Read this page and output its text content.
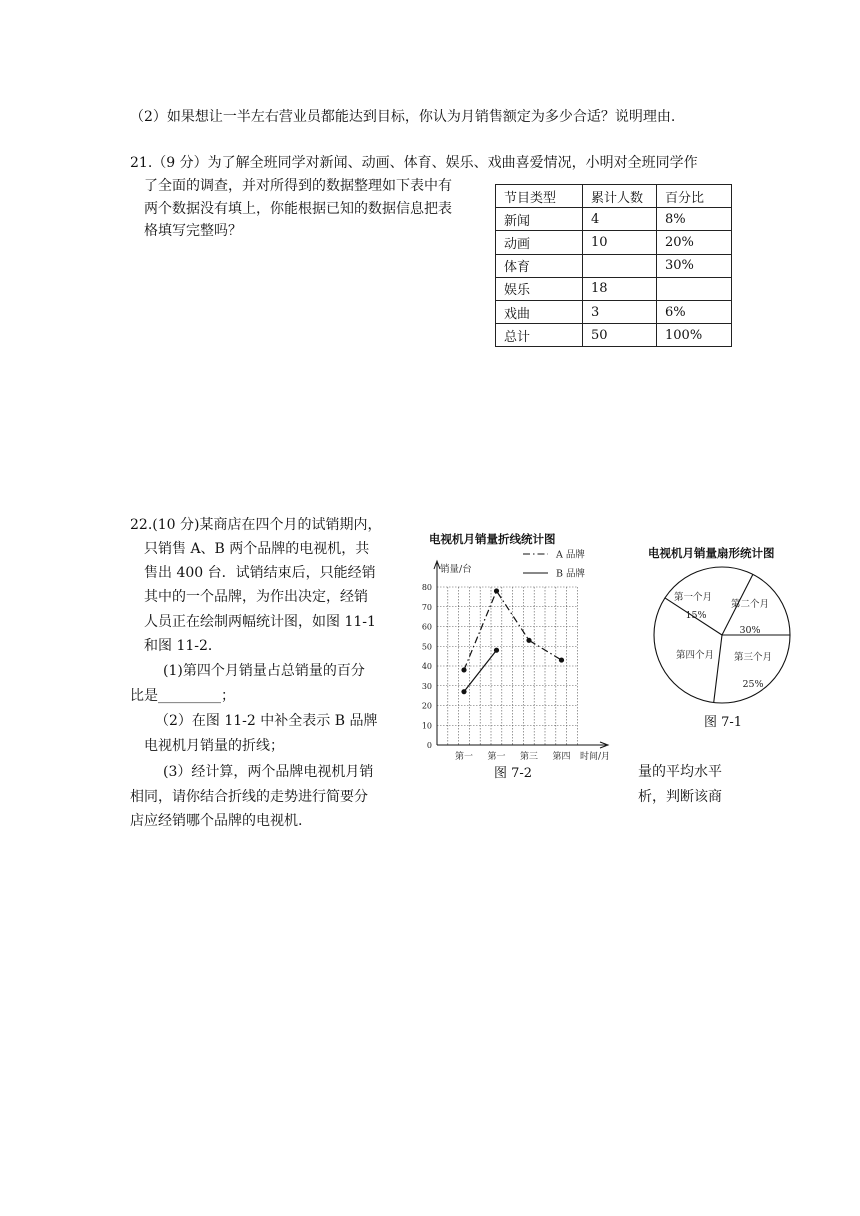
（2）如果想让一半左右营业员都能达到目标，你认为月销售额定为多少合适？说明理由.
21.（9 分）为了解全班同学对新闻、动画、体育、娱乐、戏曲喜爱情况，小明对全班同学作
了全面的调查，并对所得到的数据整理如下表中有
两个数据没有填上，你能根据已知的数据信息把表
格填写完整吗？
节目类型	累计人数	百分比
新闻	4	8%
动画	10	20%
体育		30%
娱乐	18	
戏曲	3	6%
总计	50	100%
22.(10 分)某商店在四个月的试销期内，
只销售 A、B 两个品牌的电视机，共
售出 400 台．试销结束后，只能经销
其中的一个品牌，为作出决定，经销
人员正在绘制两幅统计图，如图 11-1
和图 11-2．
(1)第四个月销量占总销量的百分
比是_________；
（2）在图 11-2 中补全表示 B 品牌
电视机月销量的折线；
(3）经计算，两个品牌电视机月销	量的平均水平
相同，请你结合折线的走势进行简要分	析，判断该商
店应经销哪个品牌的电视机.
电视机月销量折线统计图
0
10
20
30
40
50
60
70
80
销量/台
第一 第一 第三 第四 时间/月
A 品牌
B 品牌
图 7-2
电视机月销量扇形统计图
第一个月
15%
第二个月
30%
第三个月
25%
第四个月
图 7-1
